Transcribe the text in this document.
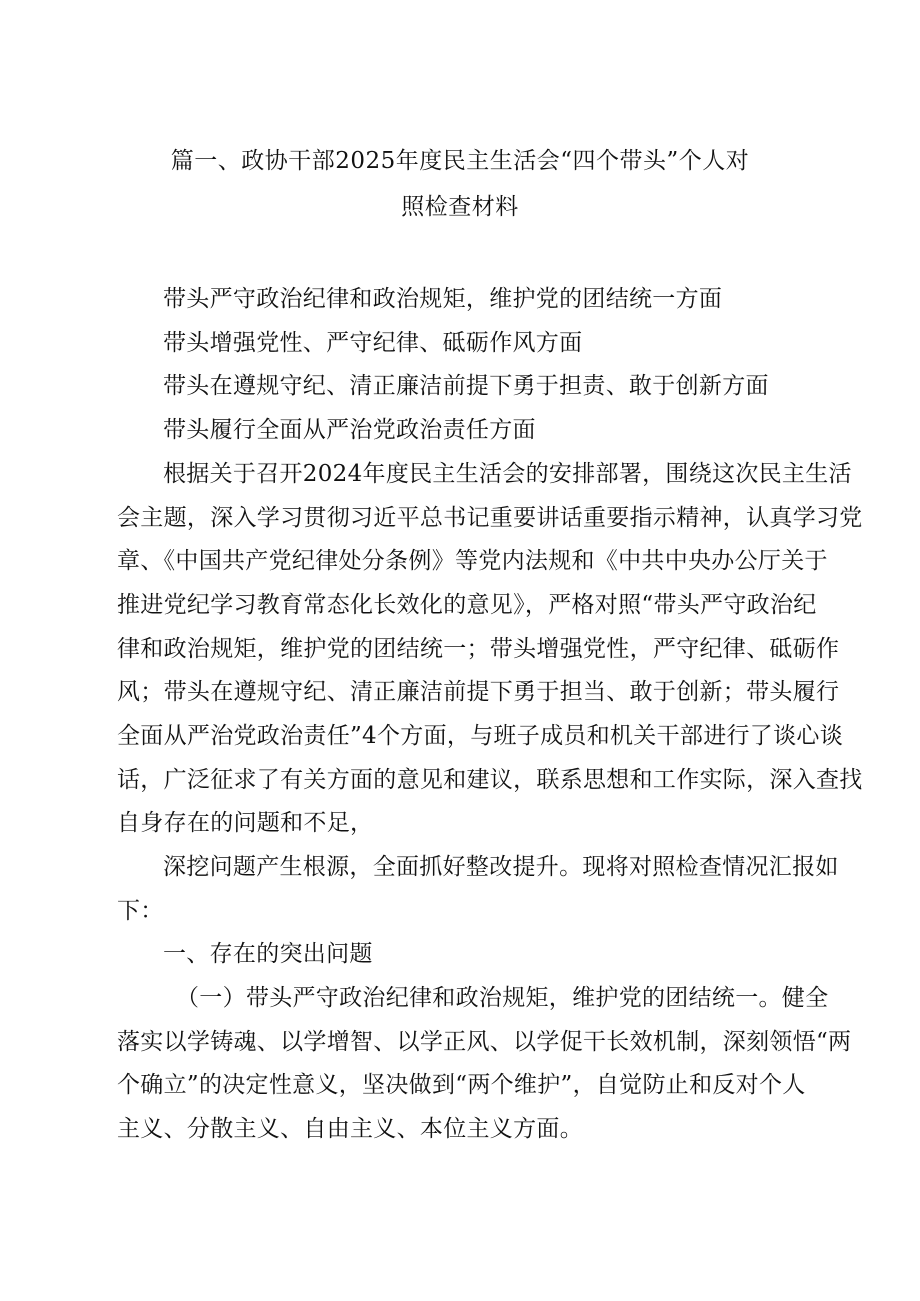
篇一、政协干部2025年度民主生活会“四个带头”个人对
照检查材料
带头严守政治纪律和政治规矩，维护党的团结统一方面
带头增强党性、严守纪律、砥砺作风方面
带头在遵规守纪、清正廉洁前提下勇于担责、敢于创新方面
带头履行全面从严治党政治责任方面
根据关于召开2024年度民主生活会的安排部署，围绕这次民主生活
会主题，深入学习贯彻习近平总书记重要讲话重要指示精神，认真学习党
章、《中国共产党纪律处分条例》等党内法规和《中共中央办公厅关于
推进党纪学习教育常态化长效化的意见》，严格对照“带头严守政治纪
律和政治规矩，维护党的团结统一；带头增强党性，严守纪律、砥砺作
风；带头在遵规守纪、清正廉洁前提下勇于担当、敢于创新；带头履行
全面从严治党政治责任”4个方面，与班子成员和机关干部进行了谈心谈
话，广泛征求了有关方面的意见和建议，联系思想和工作实际，深入查找
自身存在的问题和不足，
深挖问题产生根源，全面抓好整改提升。现将对照检查情况汇报如
下：
一、存在的突出问题
（一）带头严守政治纪律和政治规矩，维护党的团结统一。健全
落实以学铸魂、以学增智、以学正风、以学促干长效机制，深刻领悟“两
个确立”的决定性意义，坚决做到“两个维护”，自觉防止和反对个人
主义、分散主义、自由主义、本位主义方面。
